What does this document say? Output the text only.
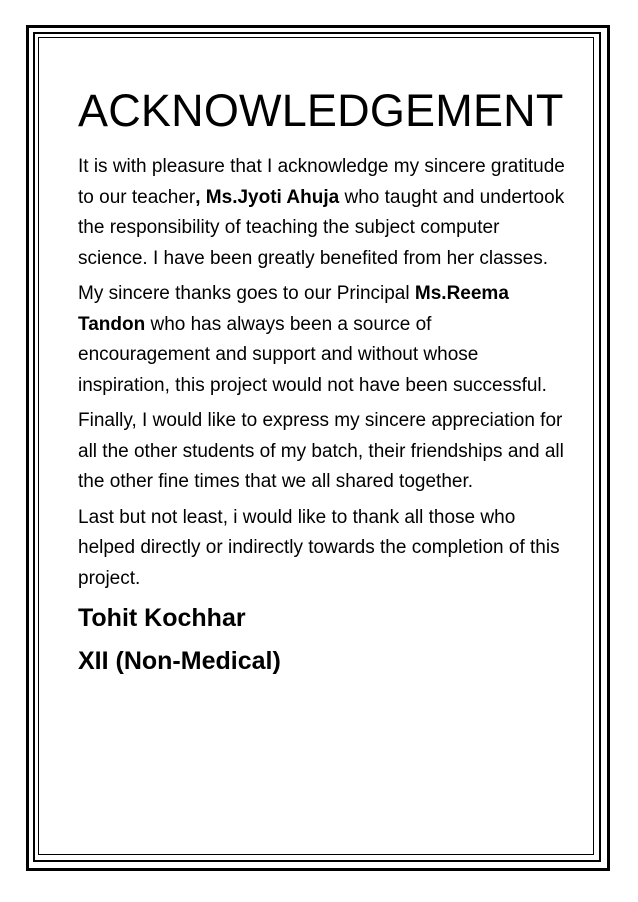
ACKNOWLEDGEMENT

It is with pleasure that I acknowledge my sincere gratitude to our teacher, Ms.Jyoti Ahuja who taught and undertook the responsibility of teaching the subject computer science. I have been greatly benefited from her classes.

My sincere thanks goes to our Principal Ms.Reema Tandon who has always been a source of encouragement and support and without whose inspiration, this project would not have been successful.

Finally, I would like to express my sincere appreciation for all the other students of my batch, their friendships and all the other fine times that we all shared together.

Last but not least, i would like to thank all those who helped directly or indirectly towards the completion of this project.

Tohit Kochhar

XII (Non-Medical)
